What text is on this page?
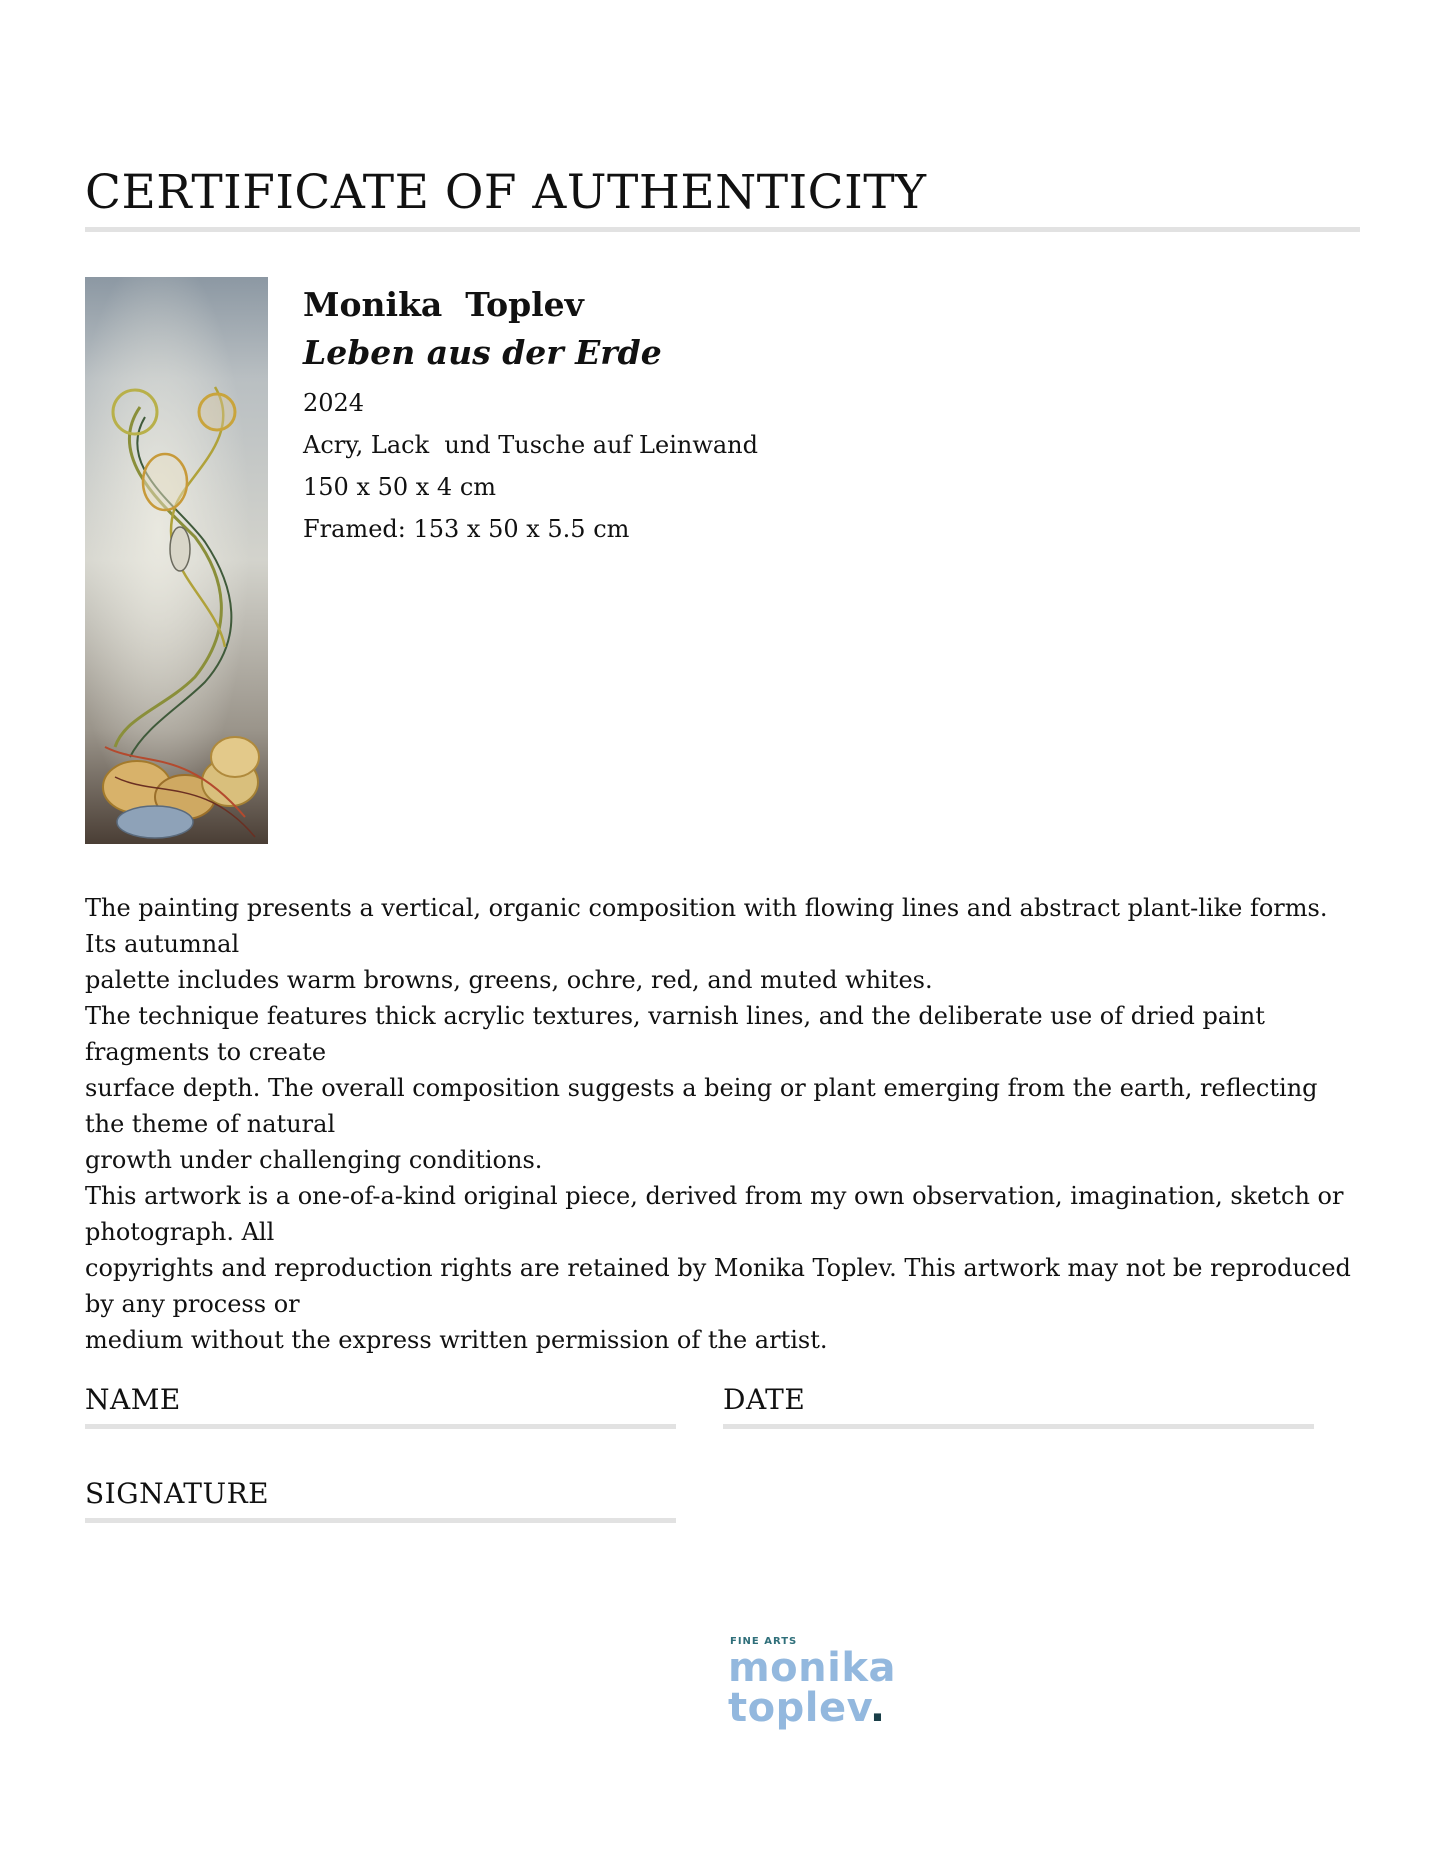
CERTIFICATE OF AUTHENTICITY
Monika  Toplev
Leben aus der Erde
2024
Acry, Lack  und Tusche auf Leinwand
150 x 50 x 4 cm
Framed: 153 x 50 x 5.5 cm

The painting presents a vertical, organic composition with flowing lines and abstract plant-like forms. Its autumnal
palette includes warm browns, greens, ochre, red, and muted whites.

The technique features thick acrylic textures, varnish lines, and the deliberate use of dried paint fragments to create
surface depth. The overall composition suggests a being or plant emerging from the earth, reflecting the theme of natural
growth under challenging conditions.

This artwork is a one-of-a-kind original piece, derived from my own observation, imagination, sketch or photograph. All
copyrights and reproduction rights are retained by Monika Toplev. This artwork may not be reproduced by any process or
medium without the express written permission of the artist.

NAME	DATE
SIGNATURE
FINE ARTS
monika
toplev.
